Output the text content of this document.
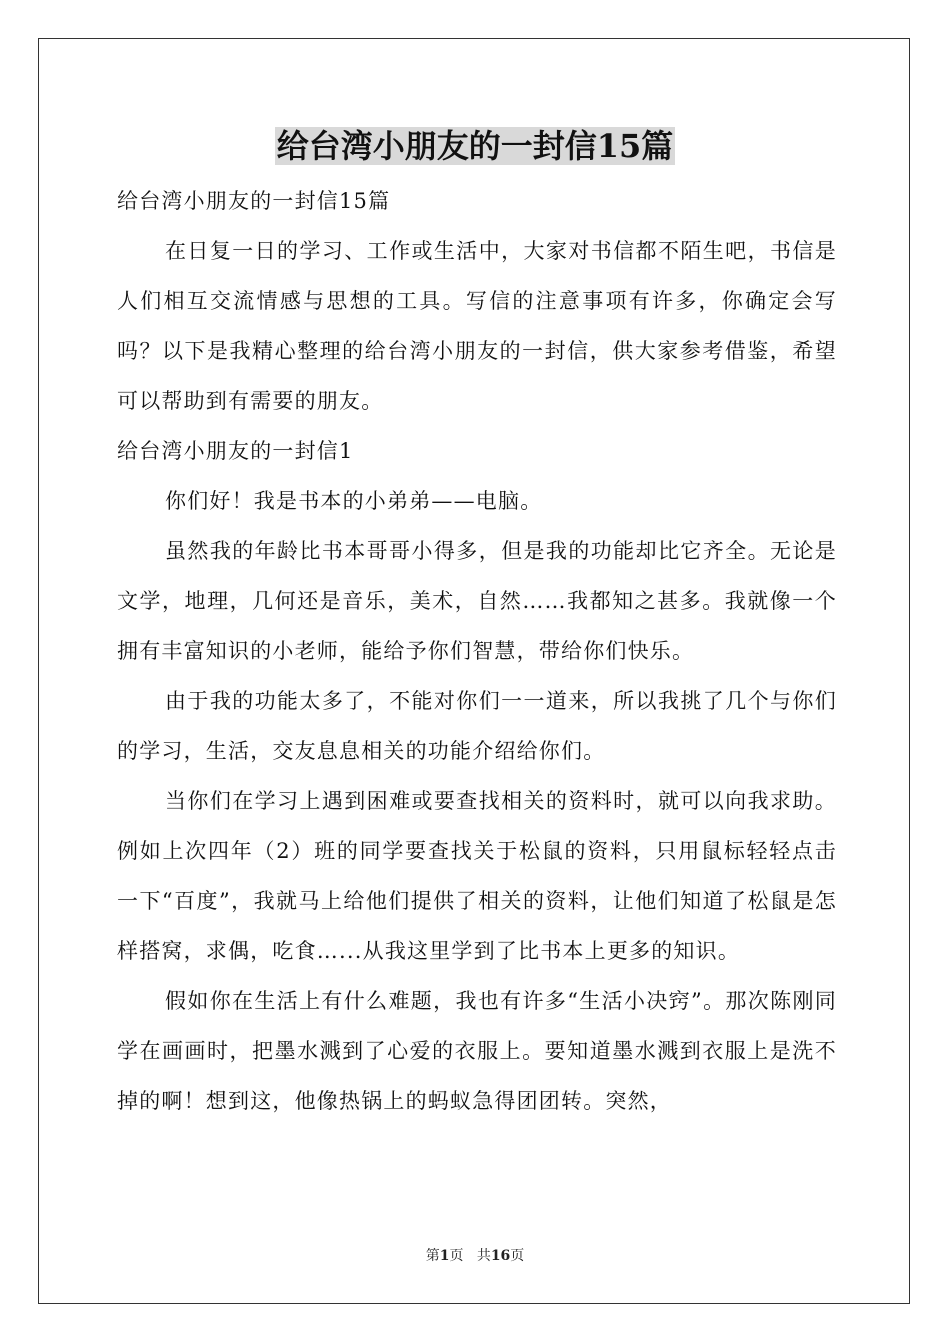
给台湾小朋友的一封信15篇

给台湾小朋友的一封信15篇

在日复一日的学习、工作或生活中，大家对书信都不陌生吧，书信是人们相互交流情感与思想的工具。写信的注意事项有许多，你确定会写吗？以下是我精心整理的给台湾小朋友的一封信，供大家参考借鉴，希望可以帮助到有需要的朋友。

给台湾小朋友的一封信1

你们好！我是书本的小弟弟——电脑。

虽然我的年龄比书本哥哥小得多，但是我的功能却比它齐全。无论是文学，地理，几何还是音乐，美术，自然……我都知之甚多。我就像一个拥有丰富知识的小老师，能给予你们智慧，带给你们快乐。

由于我的功能太多了，不能对你们一一道来，所以我挑了几个与你们的学习，生活，交友息息相关的功能介绍给你们。

当你们在学习上遇到困难或要查找相关的资料时，就可以向我求助。例如上次四年（2）班的同学要查找关于松鼠的资料，只用鼠标轻轻点击一下“百度”，我就马上给他们提供了相关的资料，让他们知道了松鼠是怎样搭窝，求偶，吃食…...从我这里学到了比书本上更多的知识。

假如你在生活上有什么难题，我也有许多“生活小决窍”。那次陈刚同学在画画时，把墨水溅到了心爱的衣服上。要知道墨水溅到衣服上是洗不掉的啊！想到这，他像热锅上的蚂蚁急得团团转。突然，

第1页 共16页
